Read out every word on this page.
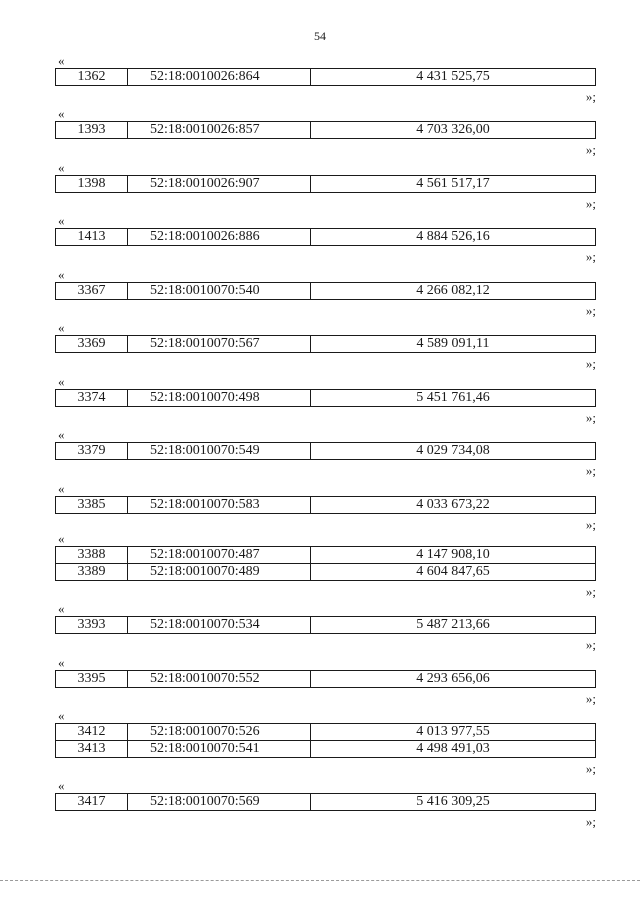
54
«
1362	52:18:0010026:864	4 431 525,75
»;
«
1393	52:18:0010026:857	4 703 326,00
»;
«
1398	52:18:0010026:907	4 561 517,17
»;
«
1413	52:18:0010026:886	4 884 526,16
»;
«
3367	52:18:0010070:540	4 266 082,12
»;
«
3369	52:18:0010070:567	4 589 091,11
»;
«
3374	52:18:0010070:498	5 451 761,46
»;
«
3379	52:18:0010070:549	4 029 734,08
»;
«
3385	52:18:0010070:583	4 033 673,22
»;
«
3388	52:18:0010070:487	4 147 908,10
3389	52:18:0010070:489	4 604 847,65
»;
«
3393	52:18:0010070:534	5 487 213,66
»;
«
3395	52:18:0010070:552	4 293 656,06
»;
«
3412	52:18:0010070:526	4 013 977,55
3413	52:18:0010070:541	4 498 491,03
»;
«
3417	52:18:0010070:569	5 416 309,25
»;
